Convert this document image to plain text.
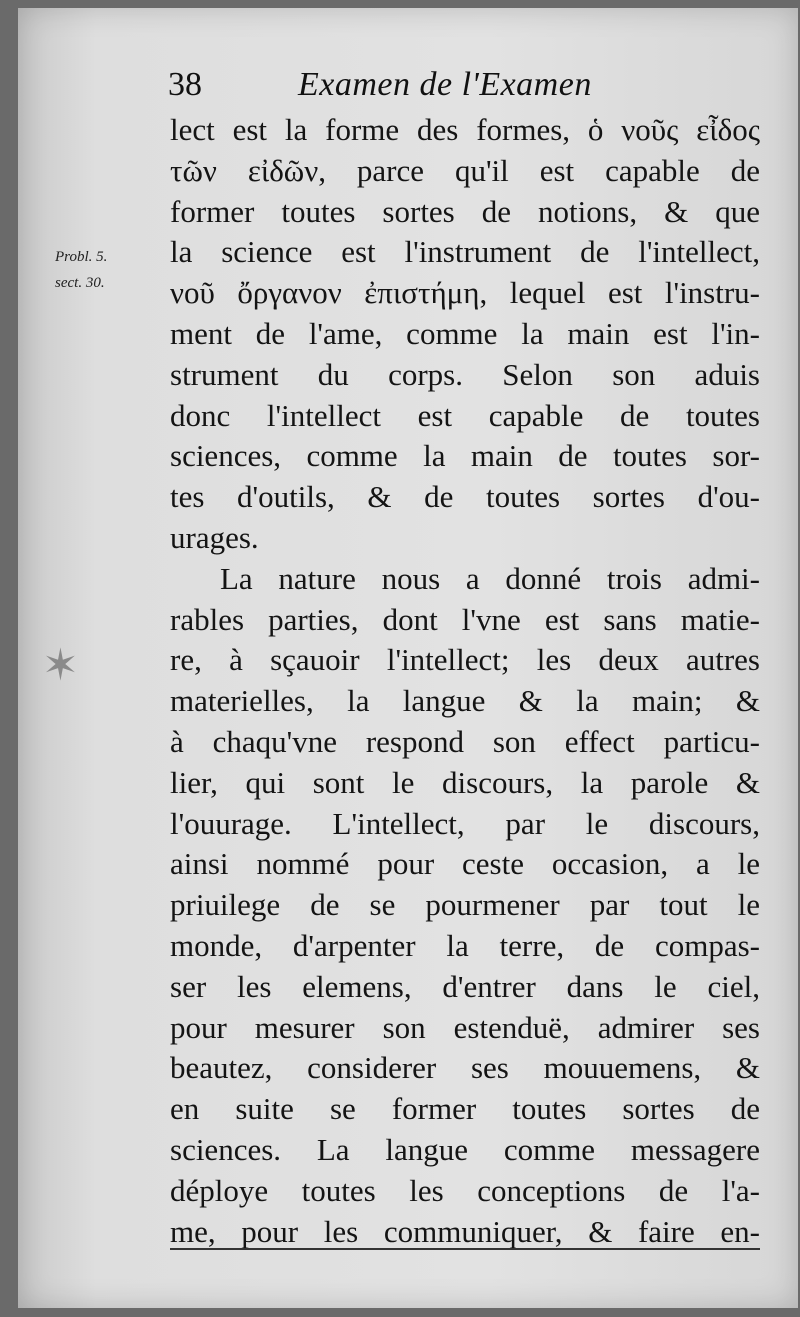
38	Examen de l'Examen
Probl. 5.
sect. 30.
✶
lect est la forme des formes, ὁ νοῦς εἶδος
τῶν εἰδῶν, parce qu'il est capable de
former toutes sortes de notions, & que
la science est l'instrument de l'intellect,
νοῦ ὄργανον ἐπιστήμη, lequel est l'instru-
ment de l'ame, comme la main est l'in-
strument du corps. Selon son aduis
donc l'intellect est capable de toutes
sciences, comme la main de toutes sor-
tes d'outils, & de toutes sortes d'ou-
urages.
La nature nous a donné trois admi-
rables parties, dont l'vne est sans matie-
re, à sçauoir l'intellect; les deux autres
materielles, la langue & la main; &
à chaqu'vne respond son effect particu-
lier, qui sont le discours, la parole &
l'ouurage. L'intellect, par le discours,
ainsi nommé pour ceste occasion, a le
priuilege de se pourmener par tout le
monde, d'arpenter la terre, de compas-
ser les elemens, d'entrer dans le ciel,
pour mesurer son estenduë, admirer ses
beautez, considerer ses mouuemens, &
en suite se former toutes sortes de
sciences. La langue comme messagere
déploye toutes les conceptions de l'a-
me, pour les communiquer, & faire en-
